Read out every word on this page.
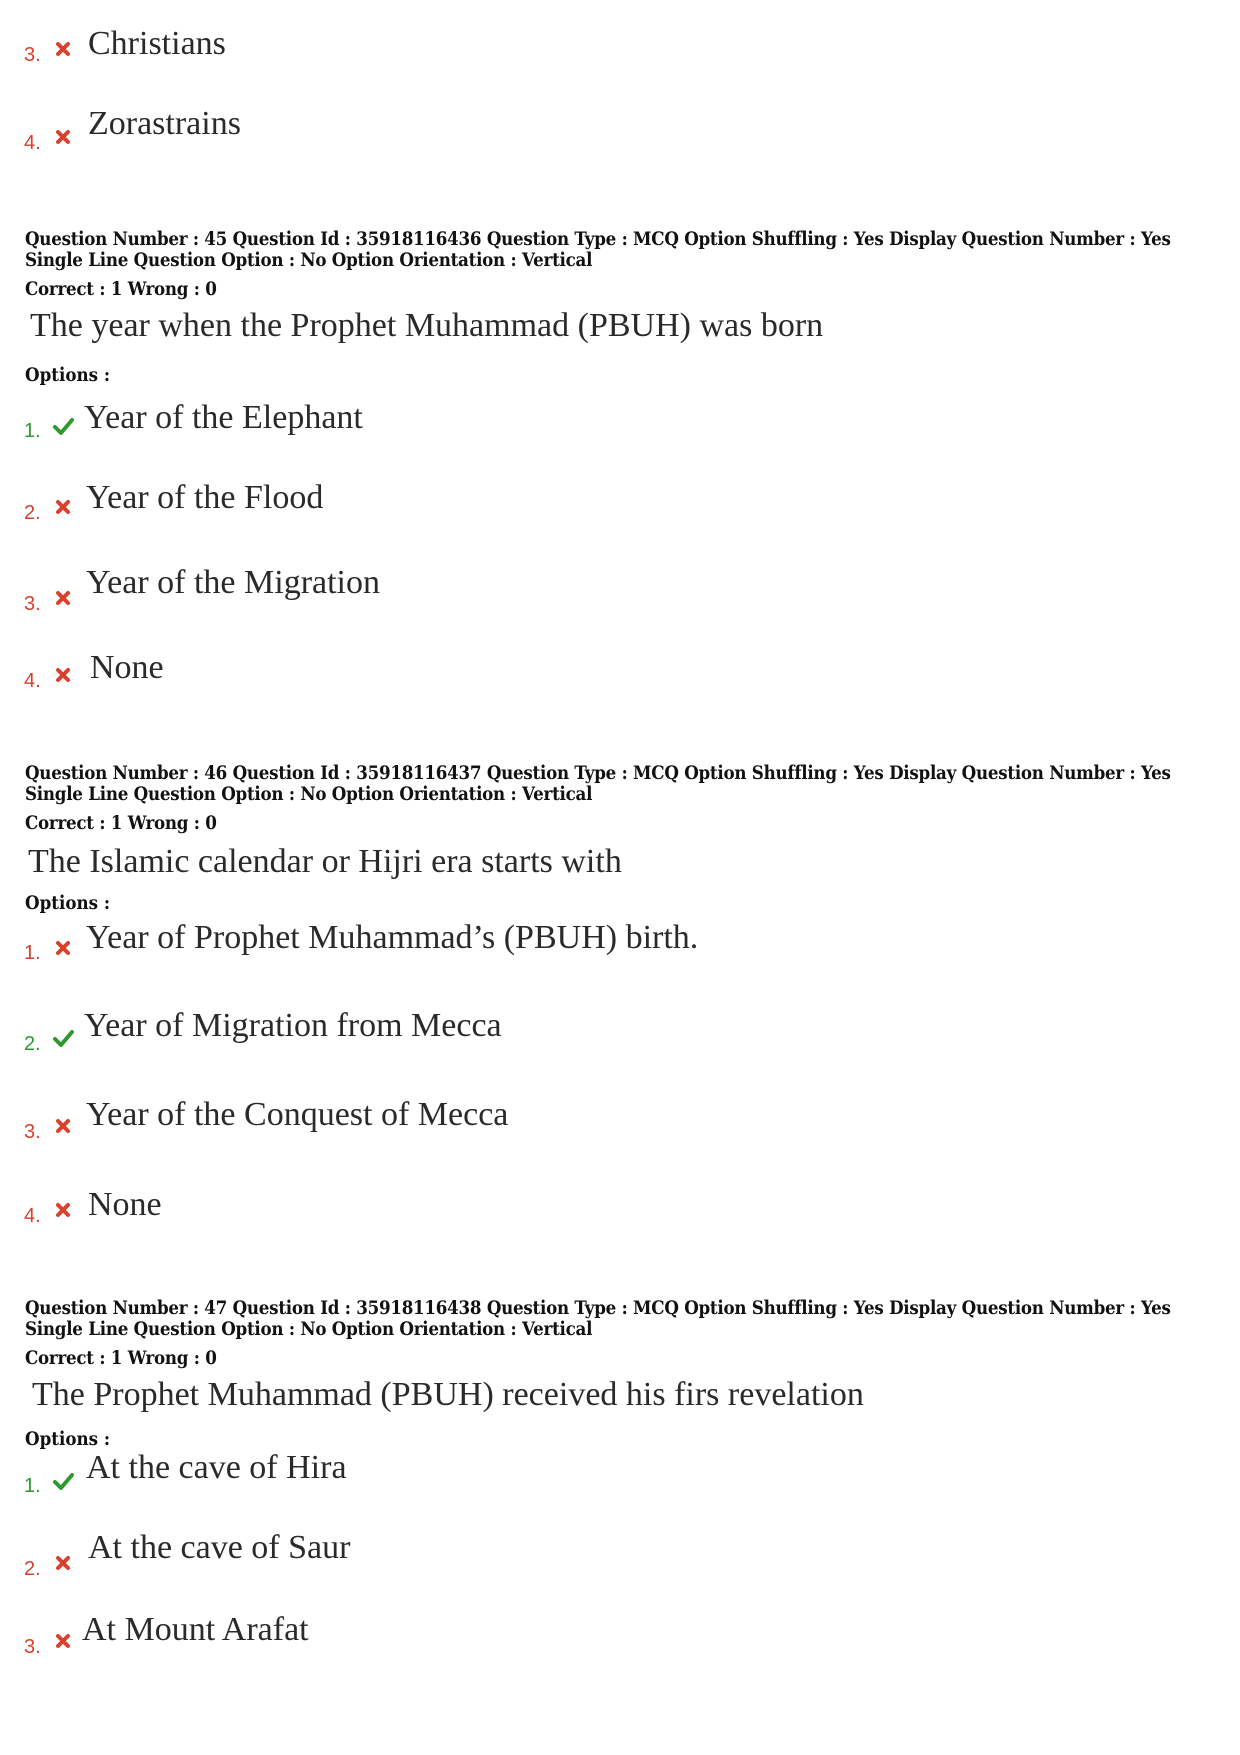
3. Christians
4.
Zorastrains
Question Number : 45 Question Id : 35918116436 Question Type : MCQ Option Shuffling : Yes Display Question Number : Yes
Single Line Question Option : No Option Orientation : Vertical
Correct : 1 Wrong : 0
The year when the Prophet Muhammad (PBUH) was born
Options :
1. Year of the Elephant
2. Year of the Flood
3.
Year of the Migration
4. None
Question Number : 46 Question Id : 35918116437 Question Type : MCQ Option Shuffling : Yes Display Question Number : Yes
Single Line Question Option : No Option Orientation : Vertical
Correct : 1 Wrong : 0
The Islamic calendar or Hijri era starts with
Options :
1. Year of Prophet Muhammad’s (PBUH) birth.
2. Year of Migration from Mecca
3. Year of the Conquest of Mecca
4. None
Question Number : 47 Question Id : 35918116438 Question Type : MCQ Option Shuffling : Yes Display Question Number : Yes
Single Line Question Option : No Option Orientation : Vertical
Correct : 1 Wrong : 0
The Prophet Muhammad (PBUH) received his firs revelation
Options :
1. At the cave of Hira
2.
At the cave of Saur
3. At Mount Arafat
